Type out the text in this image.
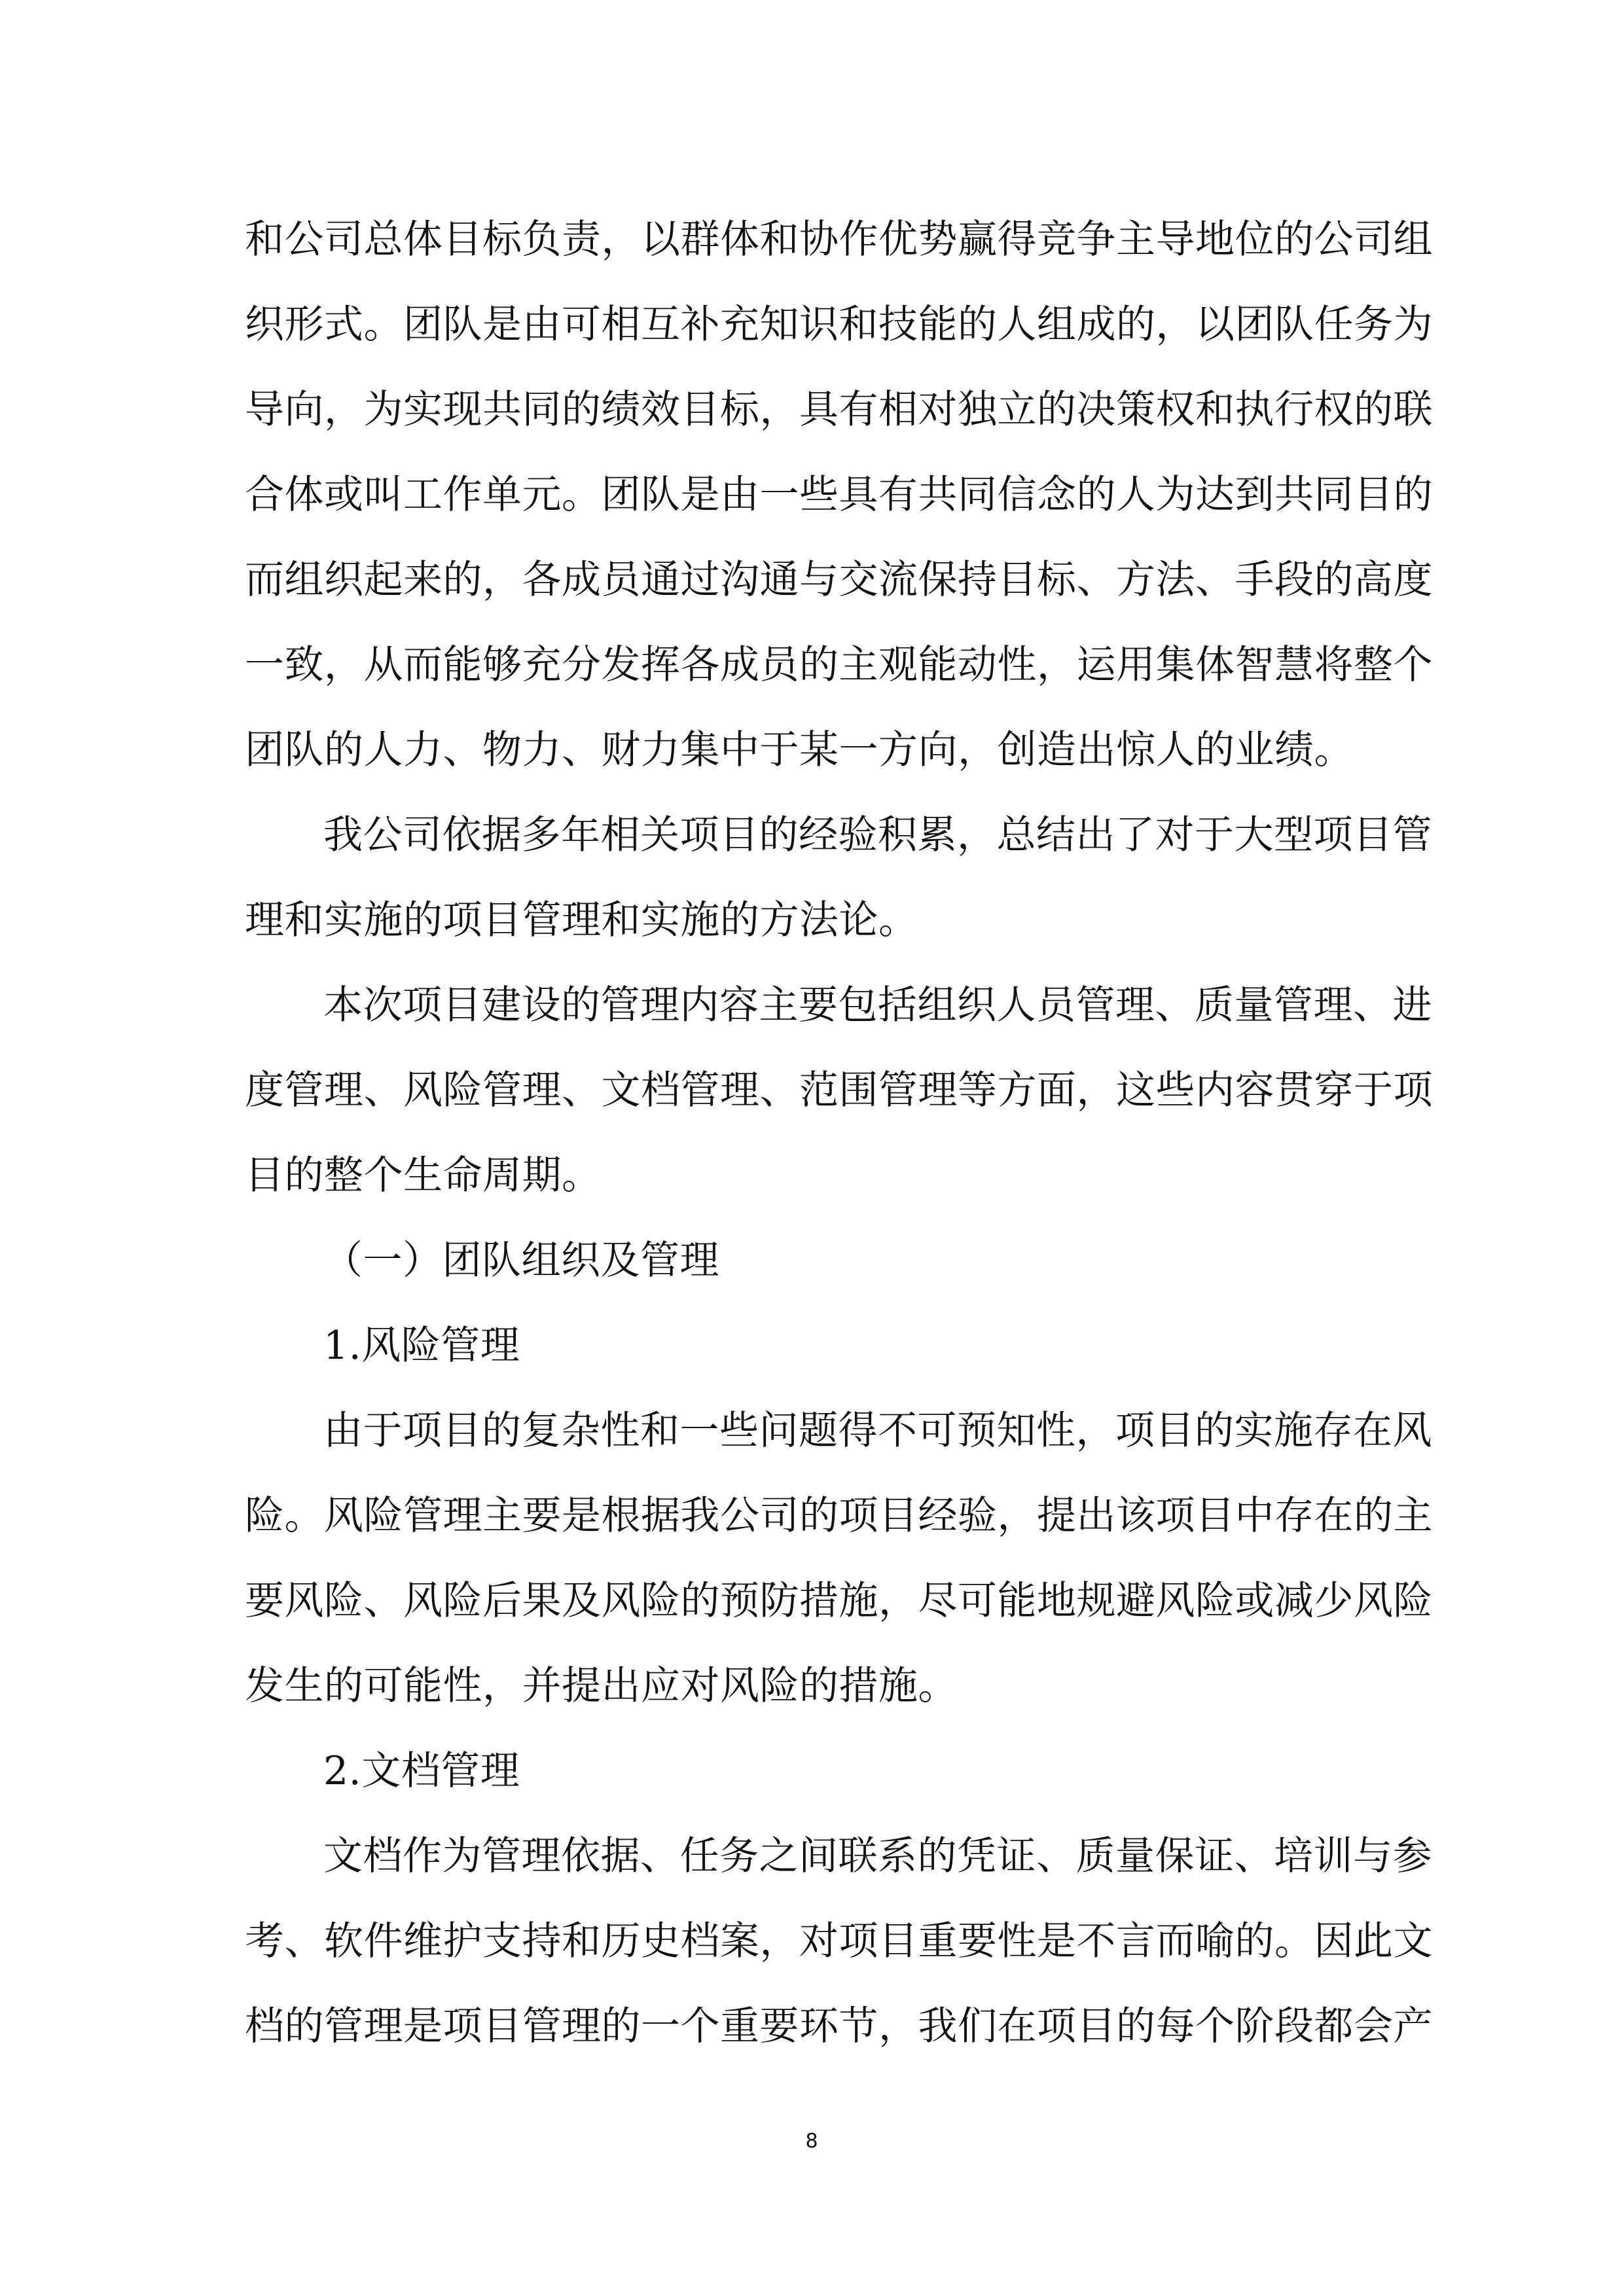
和公司总体目标负责，以群体和协作优势赢得竞争主导地位的公司组
织形式。团队是由可相互补充知识和技能的人组成的，以团队任务为
导向，为实现共同的绩效目标，具有相对独立的决策权和执行权的联
合体或叫工作单元。团队是由一些具有共同信念的人为达到共同目的
而组织起来的，各成员通过沟通与交流保持目标、方法、手段的高度
一致，从而能够充分发挥各成员的主观能动性，运用集体智慧将整个
团队的人力、物力、财力集中于某一方向，创造出惊人的业绩。
我公司依据多年相关项目的经验积累，总结出了对于大型项目管
理和实施的项目管理和实施的方法论。
本次项目建设的管理内容主要包括组织人员管理、质量管理、进
度管理、风险管理、文档管理、范围管理等方面，这些内容贯穿于项
目的整个生命周期。
（一）团队组织及管理
1.风险管理
由于项目的复杂性和一些问题得不可预知性，项目的实施存在风
险。风险管理主要是根据我公司的项目经验，提出该项目中存在的主
要风险、风险后果及风险的预防措施，尽可能地规避风险或减少风险
发生的可能性，并提出应对风险的措施。
2.文档管理
文档作为管理依据、任务之间联系的凭证、质量保证、培训与参
考、软件维护支持和历史档案，对项目重要性是不言而喻的。因此文
档的管理是项目管理的一个重要环节，我们在项目的每个阶段都会产
8
